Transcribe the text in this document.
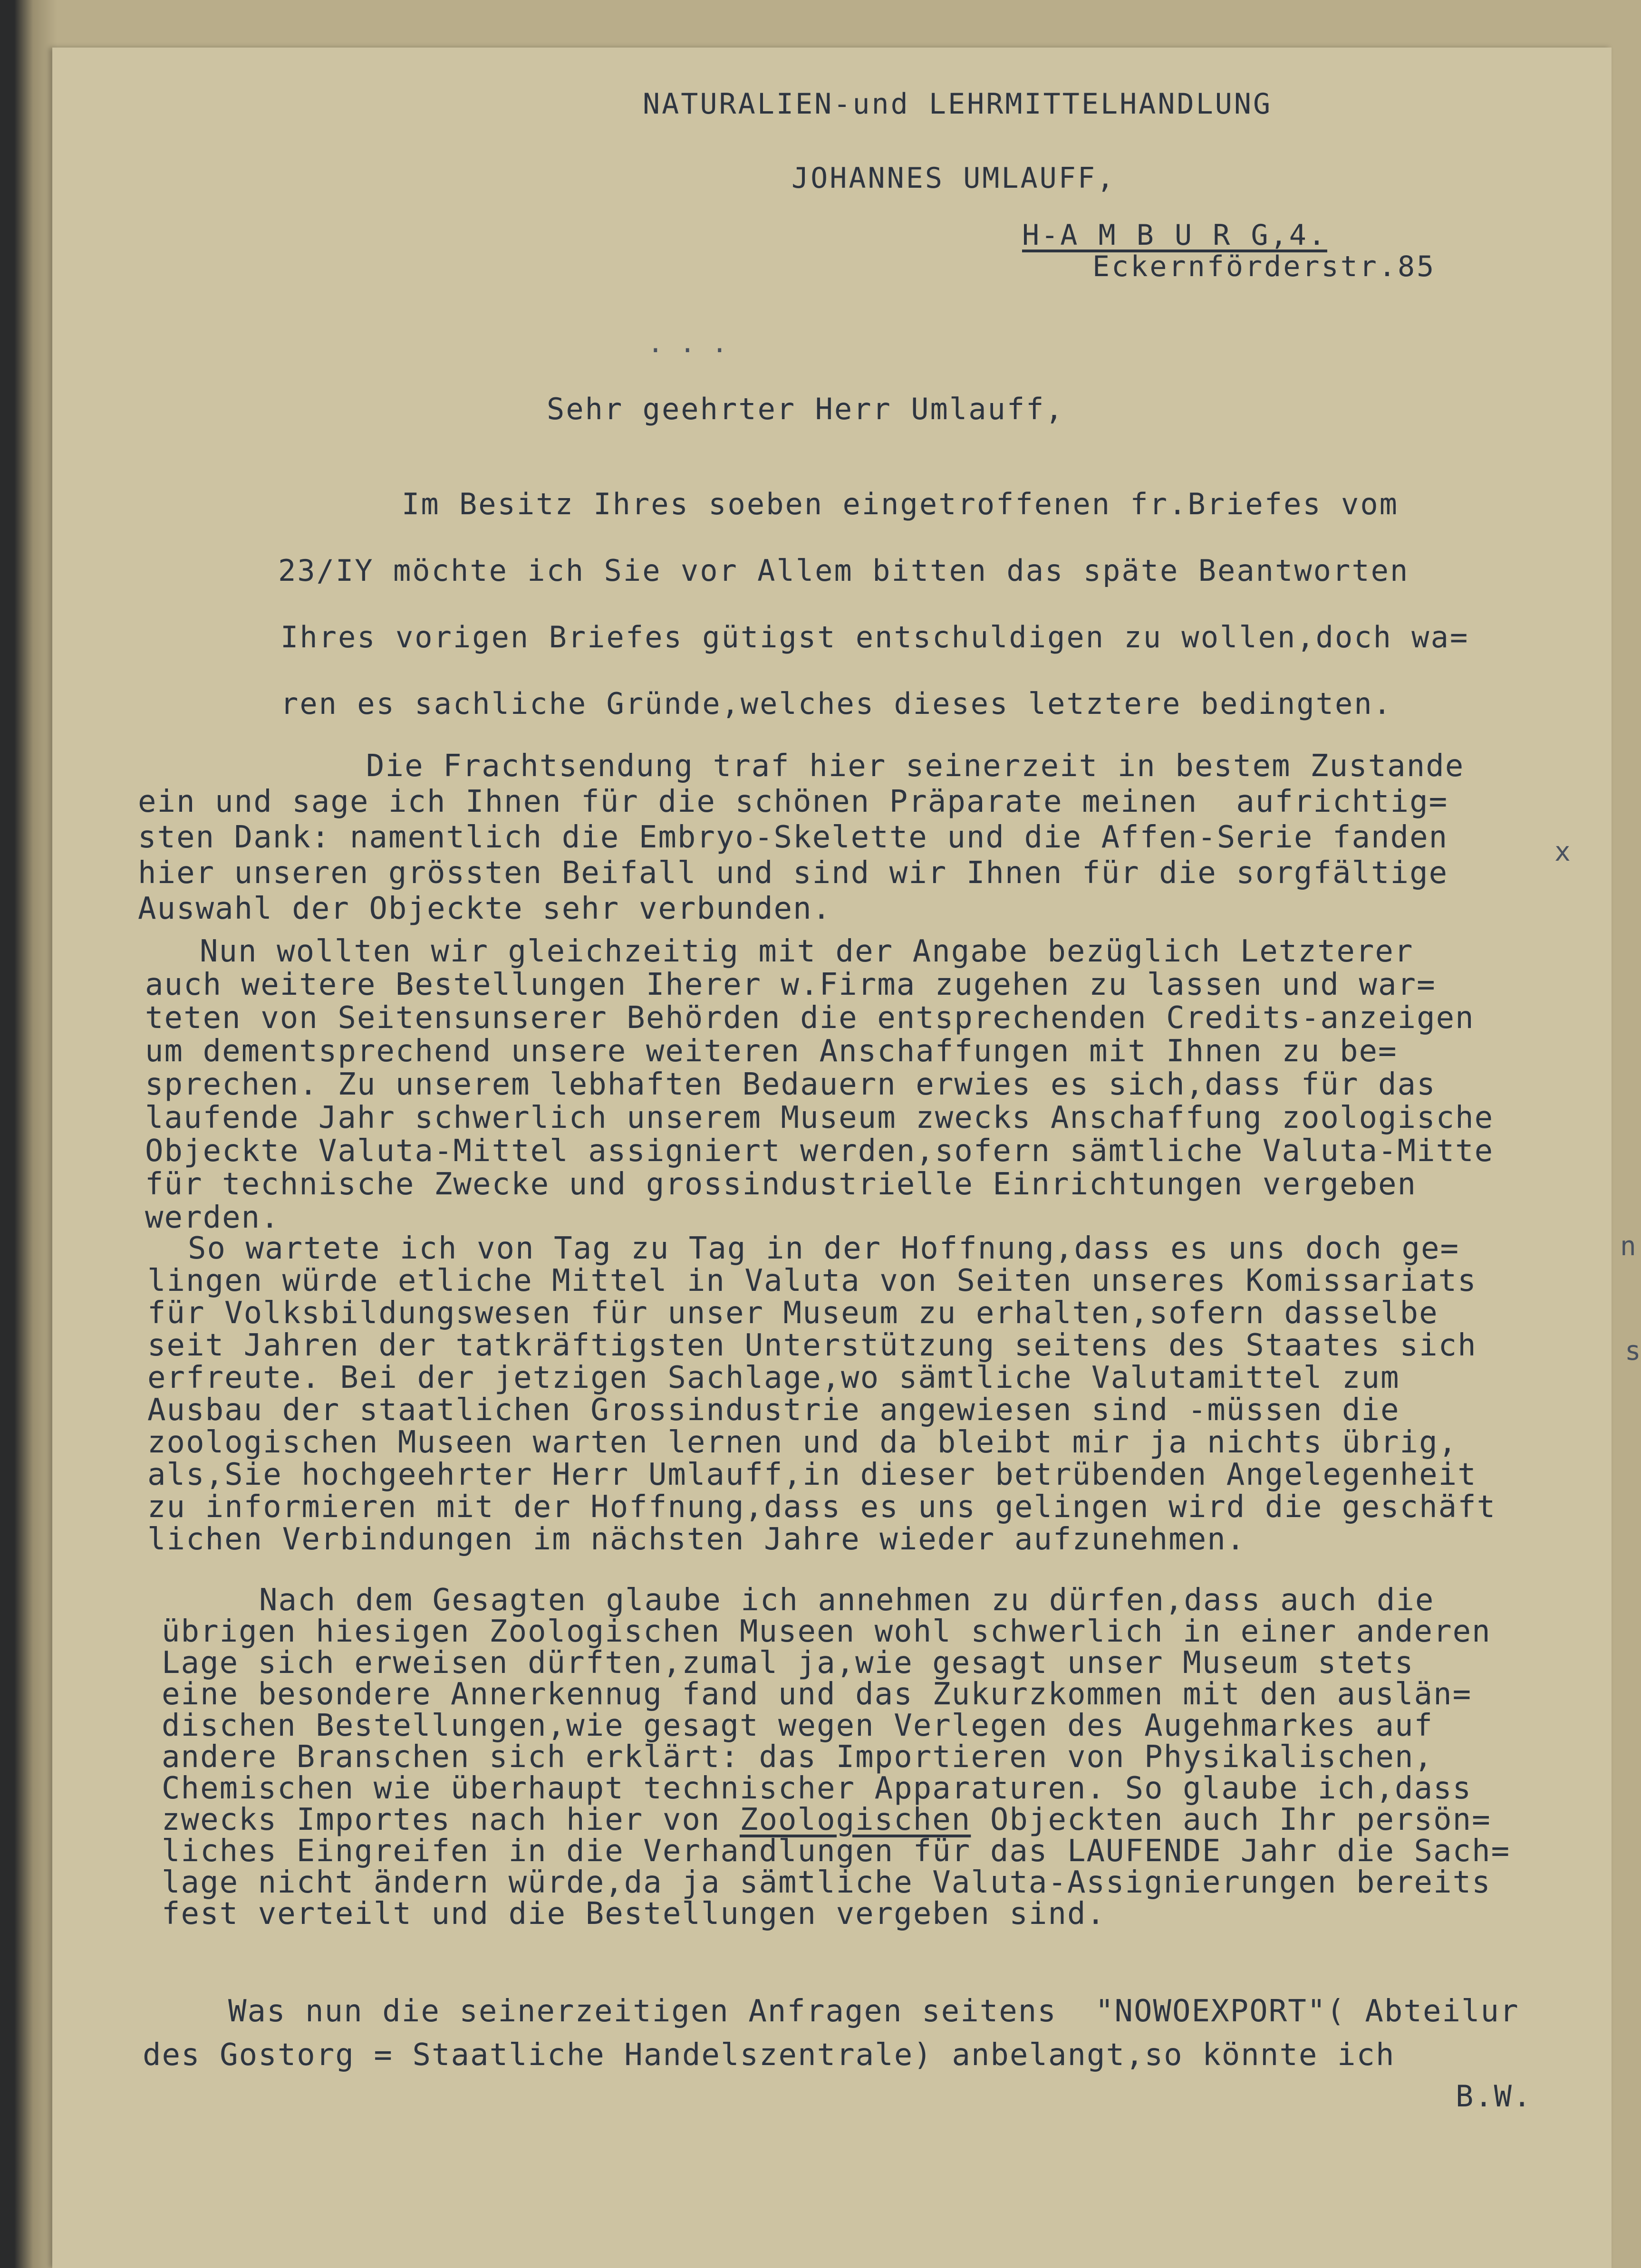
NATURALIEN-und LEHRMITTELHANDLUNG
JOHANNES UMLAUFF,
H-A M B U R G,4.
Eckernförderstr.85
. . .
Sehr geehrter Herr Umlauff,
Im Besitz Ihres soeben eingetroffenen fr.Briefes vom
23/IY möchte ich Sie vor Allem bitten das späte Beantworten
Ihres vorigen Briefes gütigst entschuldigen zu wollen,doch wa=
ren es sachliche Gründe,welches dieses letztere bedingten.
Die Frachtsendung traf hier seinerzeit in bestem Zustande
ein und sage ich Ihnen für die schönen Präparate meinen  aufrichtig=
sten Dank: namentlich die Embryo-Skelette und die Affen-Serie fanden
hier unseren grössten Beifall und sind wir Ihnen für die sorgfältige
Auswahl der Objeckte sehr verbunden.
Nun wollten wir gleichzeitig mit der Angabe bezüglich Letzterer
auch weitere Bestellungen Iherer w.Firma zugehen zu lassen und war=
teten von Seitensunserer Behörden die entsprechenden Credits-anzeigen
um dementsprechend unsere weiteren Anschaffungen mit Ihnen zu be=
sprechen. Zu unserem lebhaften Bedauern erwies es sich,dass für das
laufende Jahr schwerlich unserem Museum zwecks Anschaffung zoologische
Objeckte Valuta-Mittel assigniert werden,sofern sämtliche Valuta-Mitte
für technische Zwecke und grossindustrielle Einrichtungen vergeben
werden.
So wartete ich von Tag zu Tag in der Hoffnung,dass es uns doch ge=
lingen würde etliche Mittel in Valuta von Seiten unseres Komissariats
für Volksbildungswesen für unser Museum zu erhalten,sofern dasselbe
seit Jahren der tatkräftigsten Unterstützung seitens des Staates sich
erfreute. Bei der jetzigen Sachlage,wo sämtliche Valutamittel zum
Ausbau der staatlichen Grossindustrie angewiesen sind -müssen die
zoologischen Museen warten lernen und da bleibt mir ja nichts übrig,
als,Sie hochgeehrter Herr Umlauff,in dieser betrübenden Angelegenheit
zu informieren mit der Hoffnung,dass es uns gelingen wird die geschäft
lichen Verbindungen im nächsten Jahre wieder aufzunehmen.
Nach dem Gesagten glaube ich annehmen zu dürfen,dass auch die
übrigen hiesigen Zoologischen Museen wohl schwerlich in einer anderen
Lage sich erweisen dürften,zumal ja,wie gesagt unser Museum stets
eine besondere Annerkennug fand und das Zukurzkommen mit den auslän=
dischen Bestellungen,wie gesagt wegen Verlegen des Augehmarkes auf
andere Branschen sich erklärt: das Importieren von Physikalischen,
Chemischen wie überhaupt technischer Apparaturen. So glaube ich,dass
zwecks Importes nach hier von Zoologischen Objeckten auch Ihr persön=
liches Eingreifen in die Verhandlungen für das LAUFENDE Jahr die Sach=
lage nicht ändern würde,da ja sämtliche Valuta-Assignierungen bereits
fest verteilt und die Bestellungen vergeben sind.
Was nun die seinerzeitigen Anfragen seitens  "NOWOEXPORT"( Abteilur
des Gostorg = Staatliche Handelszentrale) anbelangt,so könnte ich
B.W.
n
s
x
